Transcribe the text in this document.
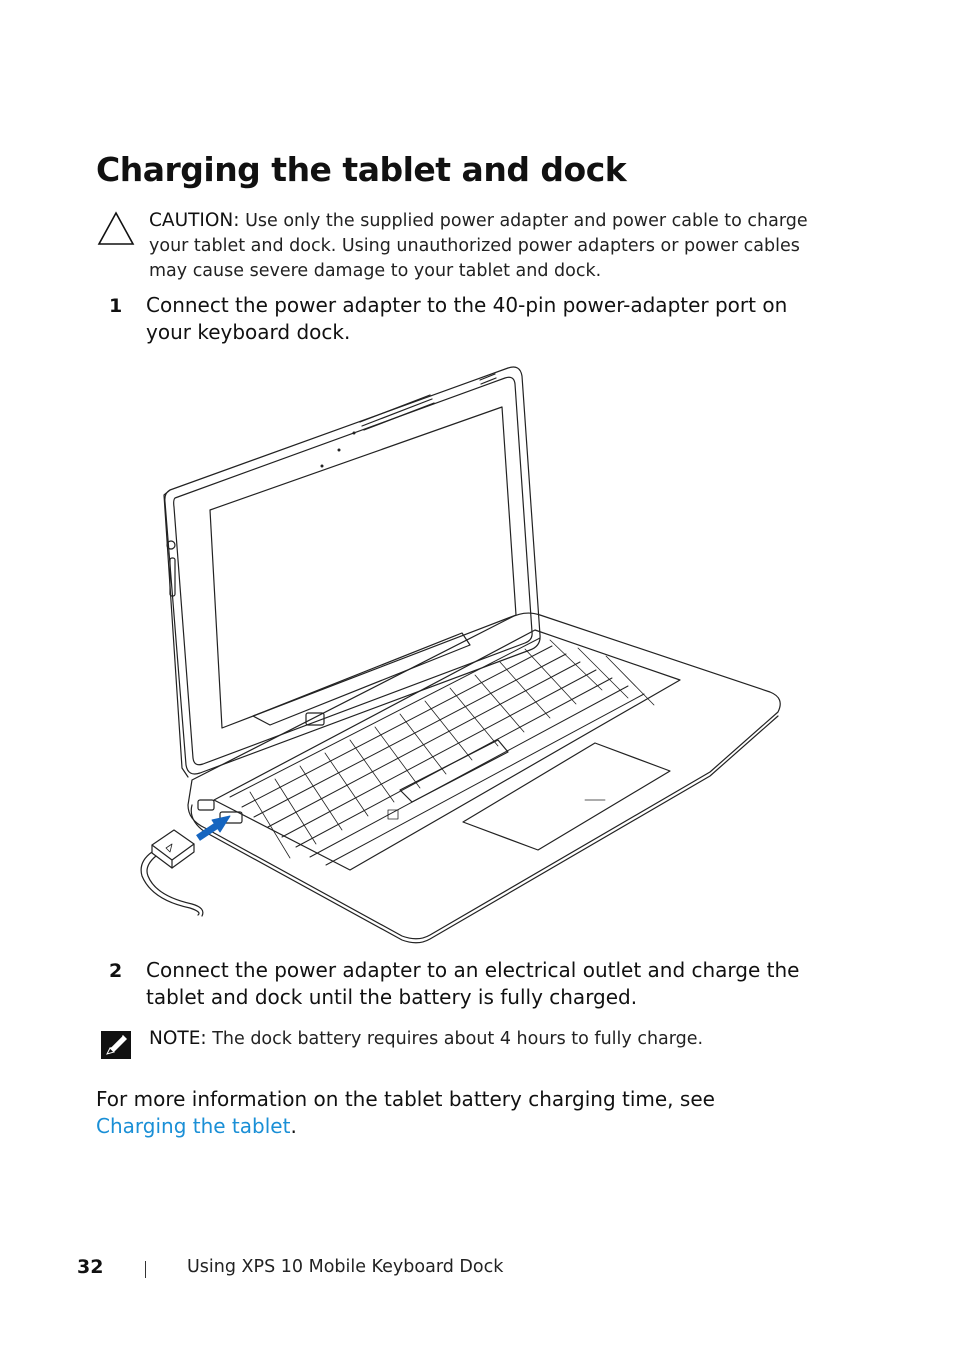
Charging the tablet and dock
CAUTION: Use only the supplied power adapter and power cable to charge your tablet and dock. Using unauthorized power adapters or power cables may cause severe damage to your tablet and dock.
1 Connect the power adapter to the 40-pin power-adapter port on your keyboard dock.
2 Connect the power adapter to an electrical outlet and charge the tablet and dock until the battery is fully charged.
NOTE: The dock battery requires about 4 hours to fully charge.
For more information on the tablet battery charging time, see
Charging the tablet.
32	Using XPS 10 Mobile Keyboard Dock
